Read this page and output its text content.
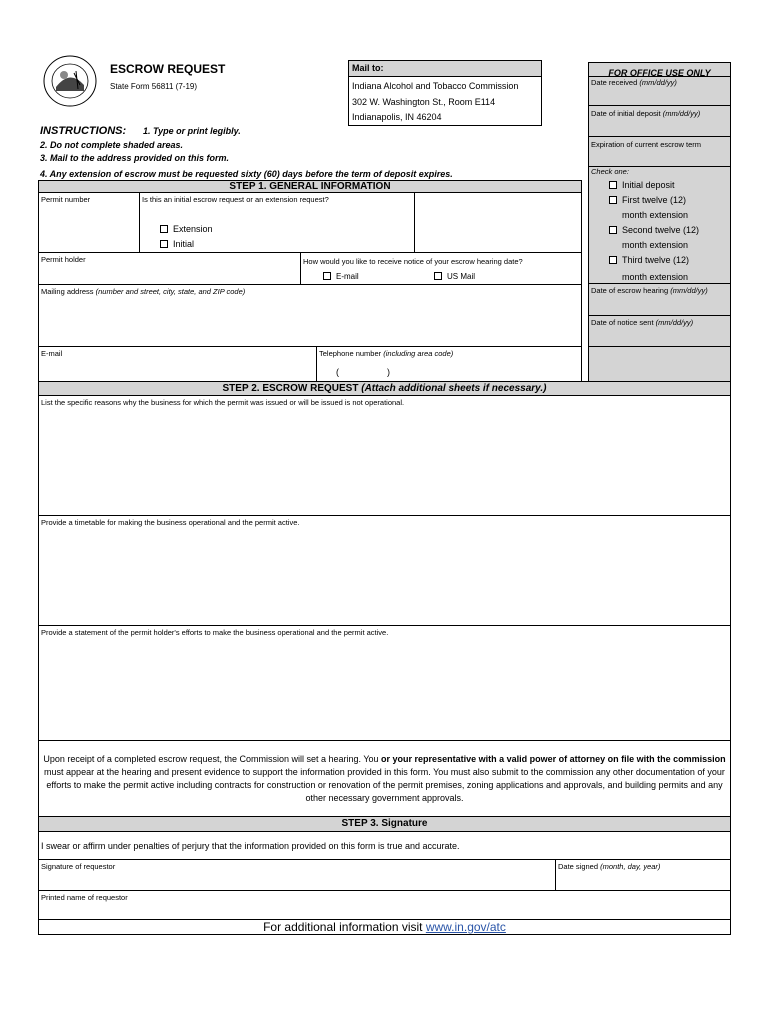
ESCROW REQUEST
State Form 56811 (7-19)
Mail to:
Indiana Alcohol and Tobacco Commission
302 W. Washington St., Room E114
Indianapolis, IN 46204
FOR OFFICE USE ONLY
Date received (mm/dd/yy)
Date of initial deposit (mm/dd/yy)
Expiration of current escrow term
Check one:
Initial deposit
First twelve (12)
month extension
Second twelve (12)
month extension
Third twelve (12)
month extension
Date of escrow hearing (mm/dd/yy)
Date of notice sent (mm/dd/yy)
INSTRUCTIONS: 1. Type or print legibly.
2. Do not complete shaded areas.
3. Mail to the address provided on this form.
4. Any extension of escrow must be requested sixty (60) days before the term of deposit expires.
STEP 1. GENERAL INFORMATION
Permit number	Is this an initial escrow request or an extension request?
Extension
Initial
Permit holder	How would you like to receive notice of your escrow hearing date?
E-mail	US Mail
Mailing address (number and street, city, state, and ZIP code)
E-mail	Telephone number (including area code)
(	)
STEP 2. ESCROW REQUEST (Attach additional sheets if necessary.)
List the specific reasons why the business for which the permit was issued or will be issued is not operational.
Provide a timetable for making the business operational and the permit active.
Provide a statement of the permit holder's efforts to make the business operational and the permit active.
Upon receipt of a completed escrow request, the Commission will set a hearing. You or your representative with a valid power of attorney on file with the commission must appear at the hearing and present evidence to support the information provided in this form. You must also submit to the commission any other documentation of your efforts to make the permit active including contracts for construction or renovation of the permit premises, zoning applications and approvals, and building permits and any other necessary government approvals.
STEP 3. Signature
I swear or affirm under penalties of perjury that the information provided on this form is true and accurate.
Signature of requestor	Date signed (month, day, year)
Printed name of requestor
For additional information visit www.in.gov/atc
